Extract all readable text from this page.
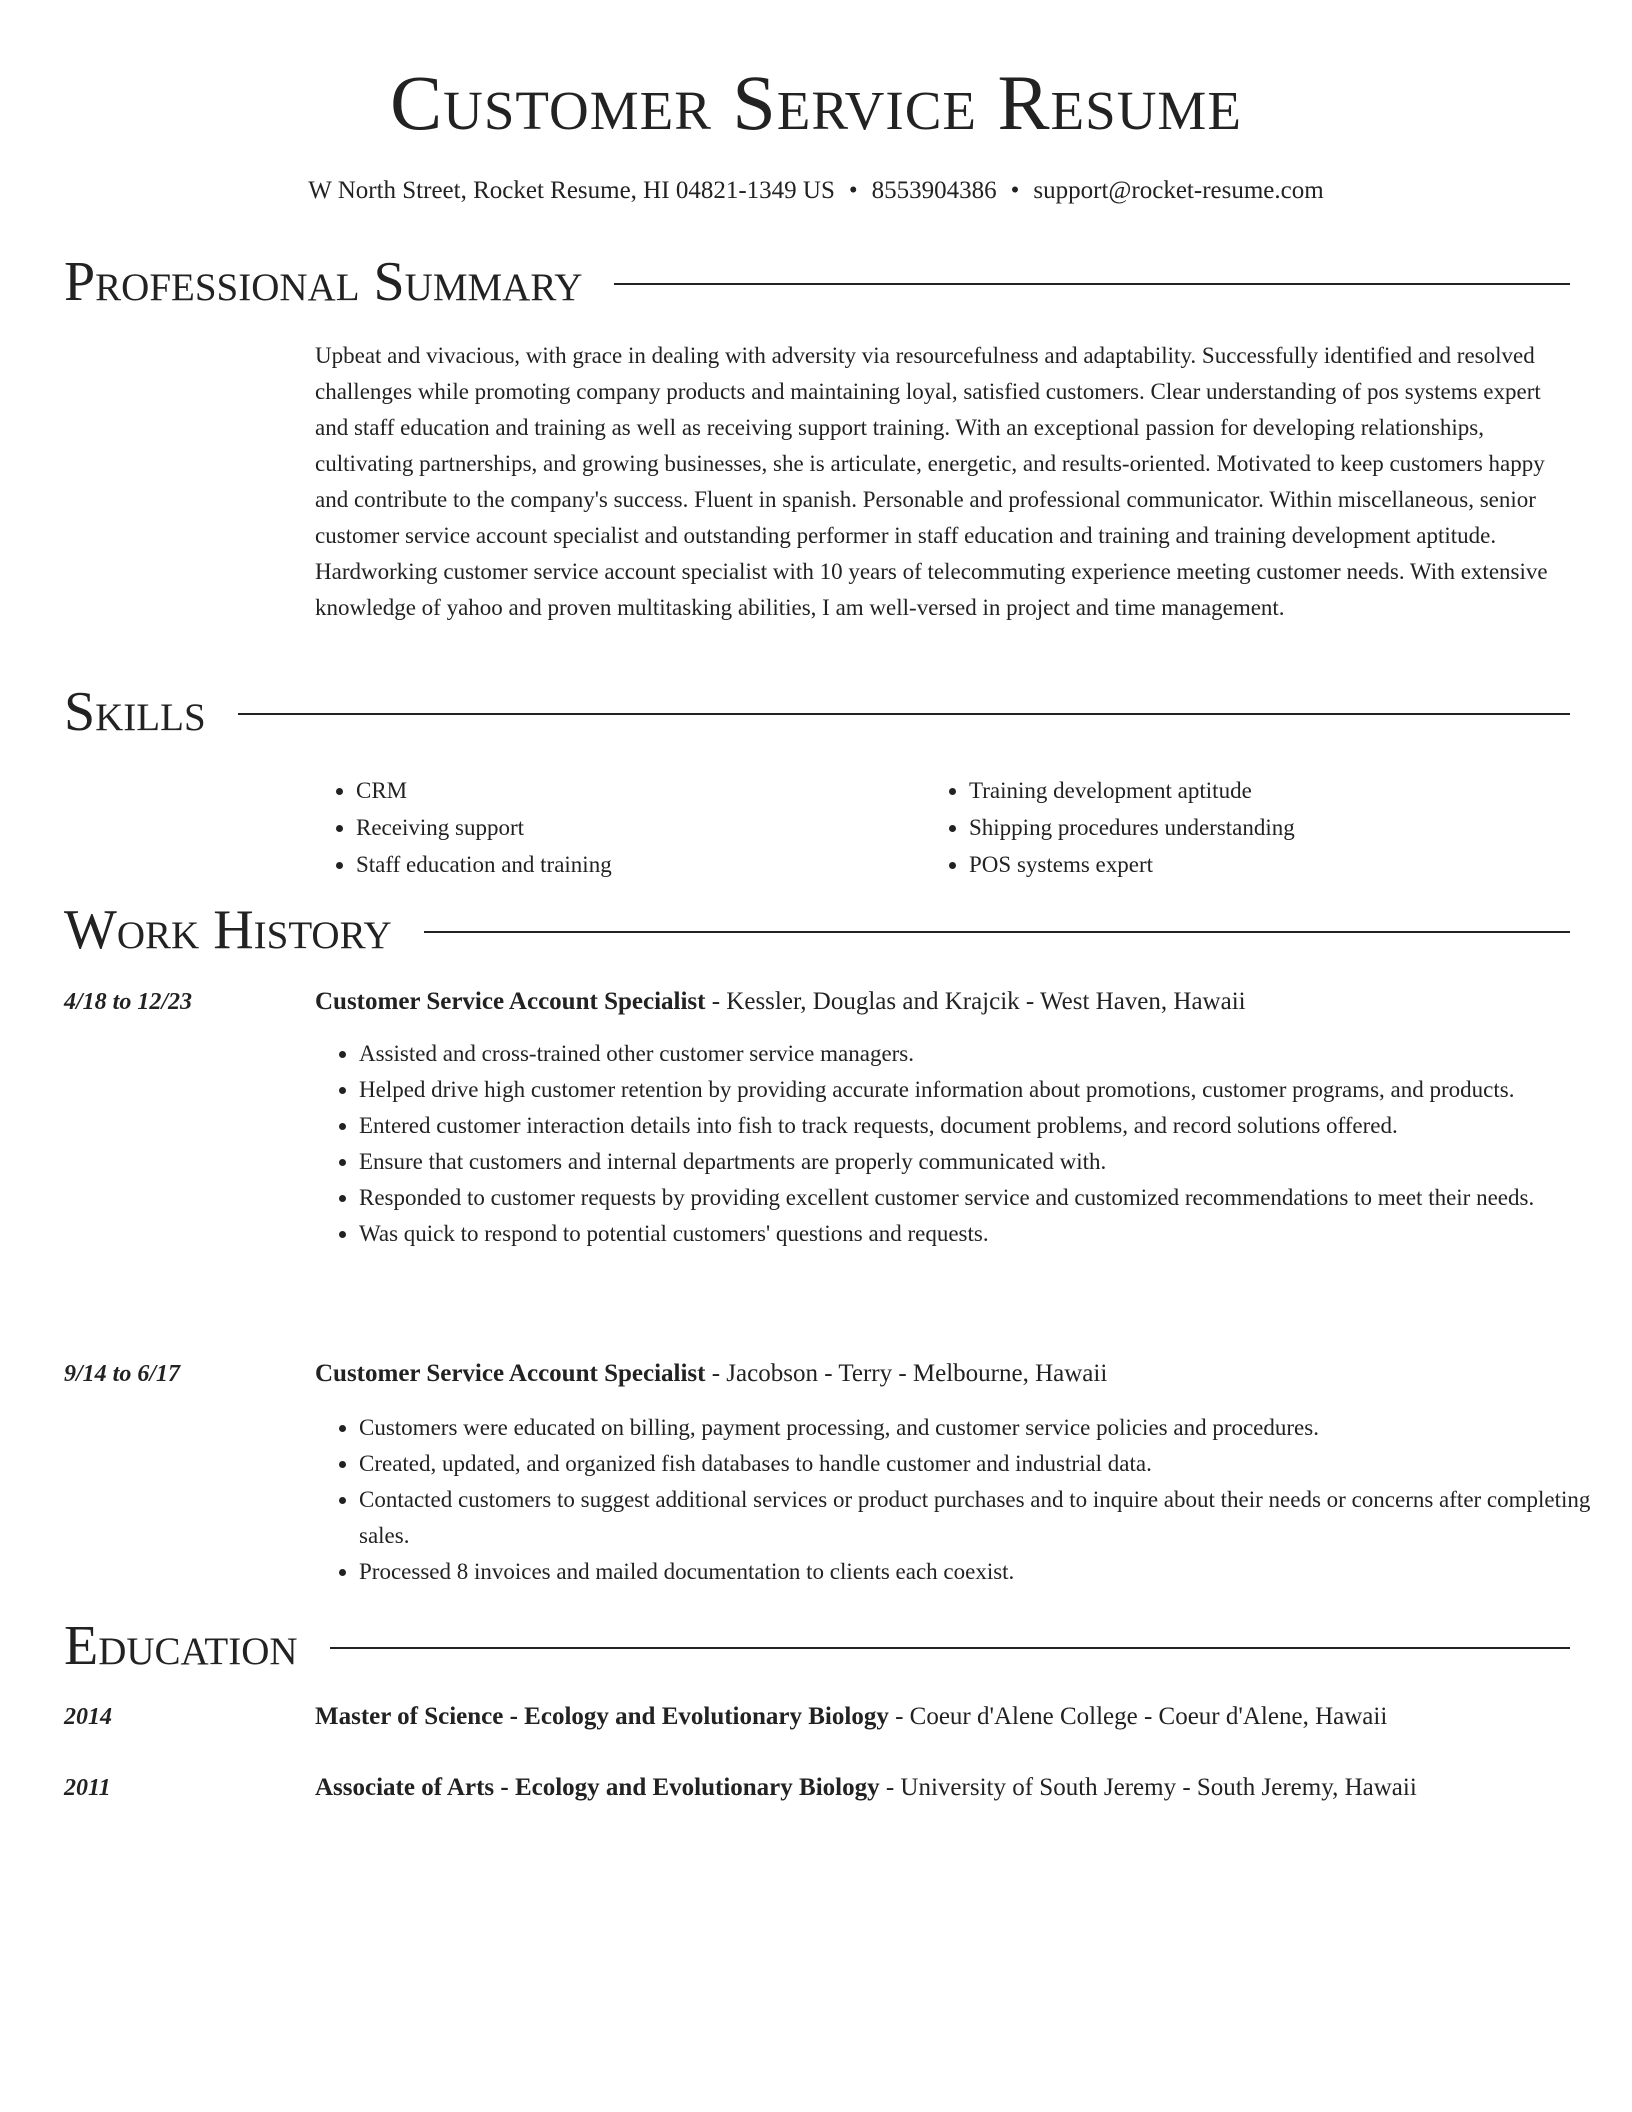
Customer Service Resume
W North Street, Rocket Resume, HI 04821-1349 US • 8553904386 • support@rocket-resume.com
Professional Summary
Upbeat and vivacious, with grace in dealing with adversity via resourcefulness and adaptability. Successfully identified and resolved challenges while promoting company products and maintaining loyal, satisfied customers. Clear understanding of pos systems expert and staff education and training as well as receiving support training. With an exceptional passion for developing relationships, cultivating partnerships, and growing businesses, she is articulate, energetic, and results-oriented. Motivated to keep customers happy and contribute to the company's success. Fluent in spanish. Personable and professional communicator. Within miscellaneous, senior customer service account specialist and outstanding performer in staff education and training and training development aptitude. Hardworking customer service account specialist with 10 years of telecommuting experience meeting customer needs. With extensive knowledge of yahoo and proven multitasking abilities, I am well-versed in project and time management.
Skills
• CRM
• Receiving support
• Staff education and training
• Training development aptitude
• Shipping procedures understanding
• POS systems expert
Work History
4/18 to 12/23	Customer Service Account Specialist - Kessler, Douglas and Krajcik - West Haven, Hawaii
• Assisted and cross-trained other customer service managers.
• Helped drive high customer retention by providing accurate information about promotions, customer programs, and products.
• Entered customer interaction details into fish to track requests, document problems, and record solutions offered.
• Ensure that customers and internal departments are properly communicated with.
• Responded to customer requests by providing excellent customer service and customized recommendations to meet their needs.
• Was quick to respond to potential customers' questions and requests.
9/14 to 6/17	Customer Service Account Specialist - Jacobson - Terry - Melbourne, Hawaii
• Customers were educated on billing, payment processing, and customer service policies and procedures.
• Created, updated, and organized fish databases to handle customer and industrial data.
• Contacted customers to suggest additional services or product purchases and to inquire about their needs or concerns after completing sales.
• Processed 8 invoices and mailed documentation to clients each coexist.
Education
2014	Master of Science - Ecology and Evolutionary Biology - Coeur d'Alene College - Coeur d'Alene, Hawaii
2011	Associate of Arts - Ecology and Evolutionary Biology - University of South Jeremy - South Jeremy, Hawaii
